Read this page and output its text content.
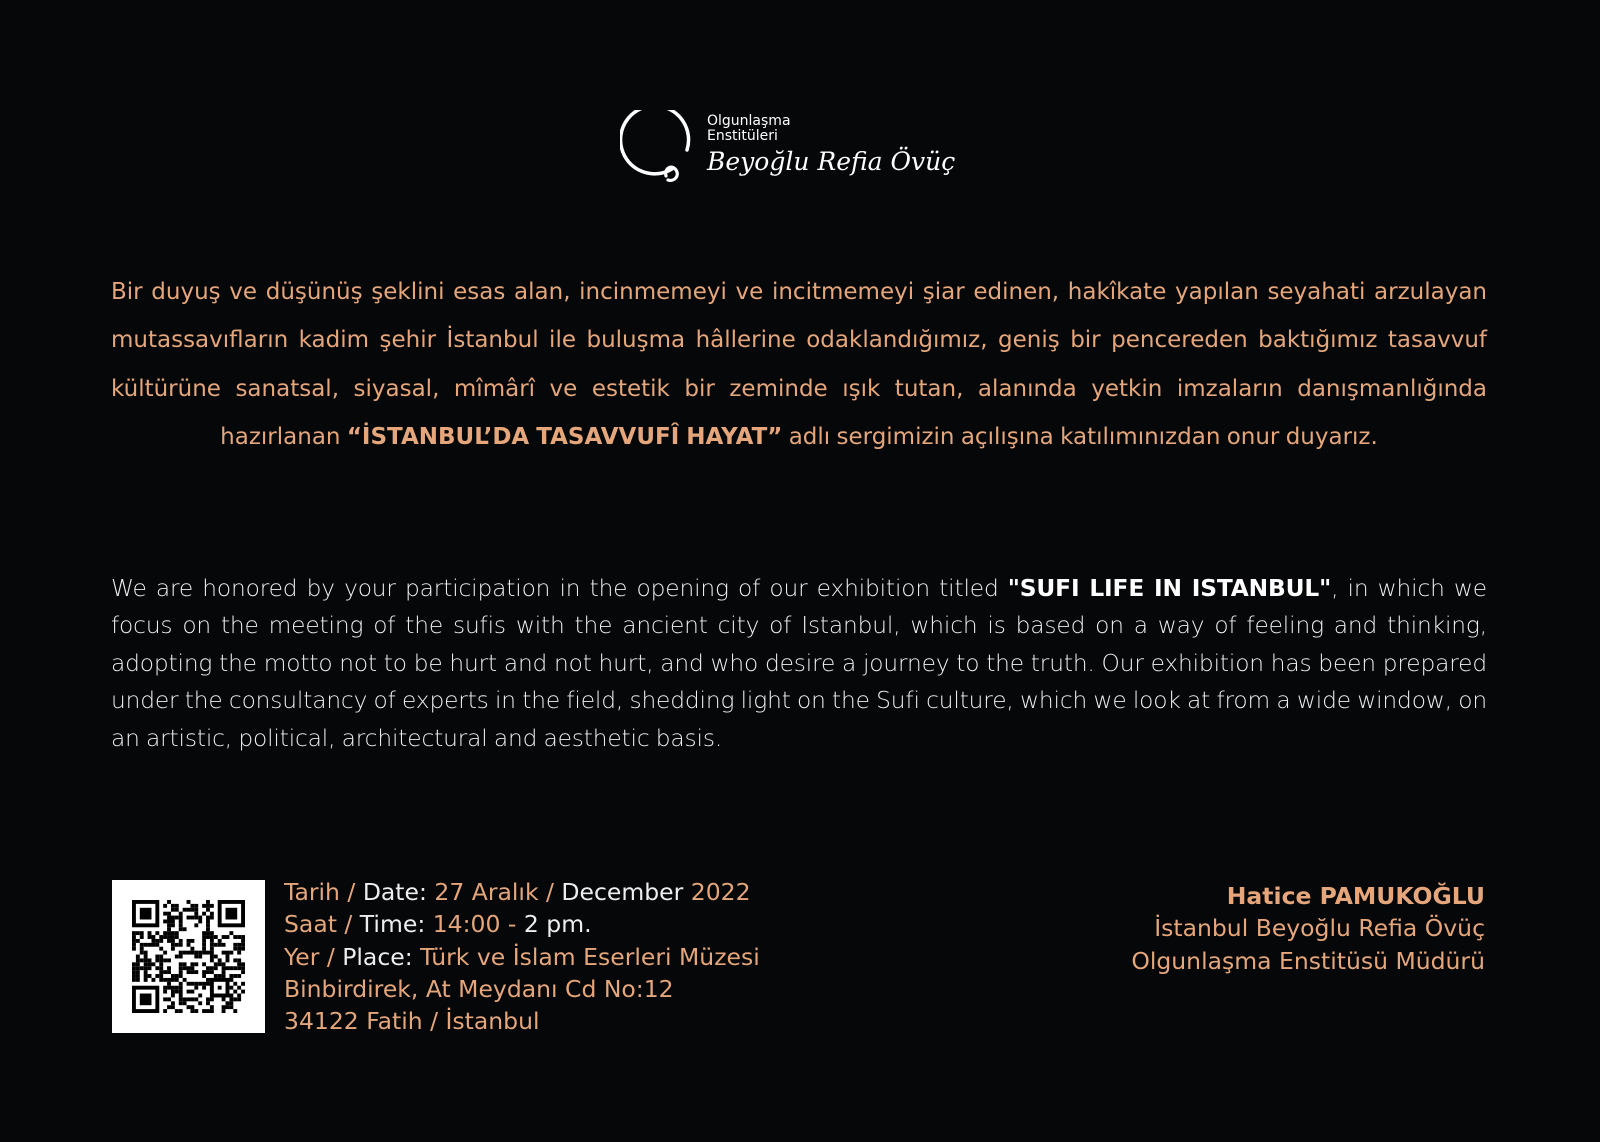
Olgunlaşma
Enstitüleri
Beyoğlu Refia Övüç
Bir duyuş ve düşünüş şeklini esas alan, incinmemeyi ve incitmemeyi şiar edinen, hakîkate yapılan seyahati arzulayan mutassavıfların kadim şehir İstanbul ile buluşma hâllerine odaklandığımız, geniş bir pencereden baktığımız tasavvuf kültürüne sanatsal, siyasal, mîmârî ve estetik bir zeminde ışık tutan, alanında yetkin imzaların danışmanlığında hazırlanan “İSTANBUL’DA TASAVVUFÎ HAYAT” adlı sergimizin açılışına katılımınızdan onur duyarız.
We are honored by your participation in the opening of our exhibition titled "SUFI LIFE IN ISTANBUL", in which we focus on the meeting of the sufis with the ancient city of Istanbul, which is based on a way of feeling and thinking, adopting the motto not to be hurt and not hurt, and who desire a journey to the truth. Our exhibition has been prepared under the consultancy of experts in the field, shedding light on the Sufi culture, which we look at from a wide window, on an artistic, political, architectural and aesthetic basis.
Tarih / Date: 27 Aralık / December 2022
Saat / Time: 14:00 - 2 pm.
Yer / Place: Türk ve İslam Eserleri Müzesi
Binbirdirek, At Meydanı Cd No:12
34122 Fatih / İstanbul
Hatice PAMUKOĞLU
İstanbul Beyoğlu Refia Övüç
Olgunlaşma Enstitüsü Müdürü
